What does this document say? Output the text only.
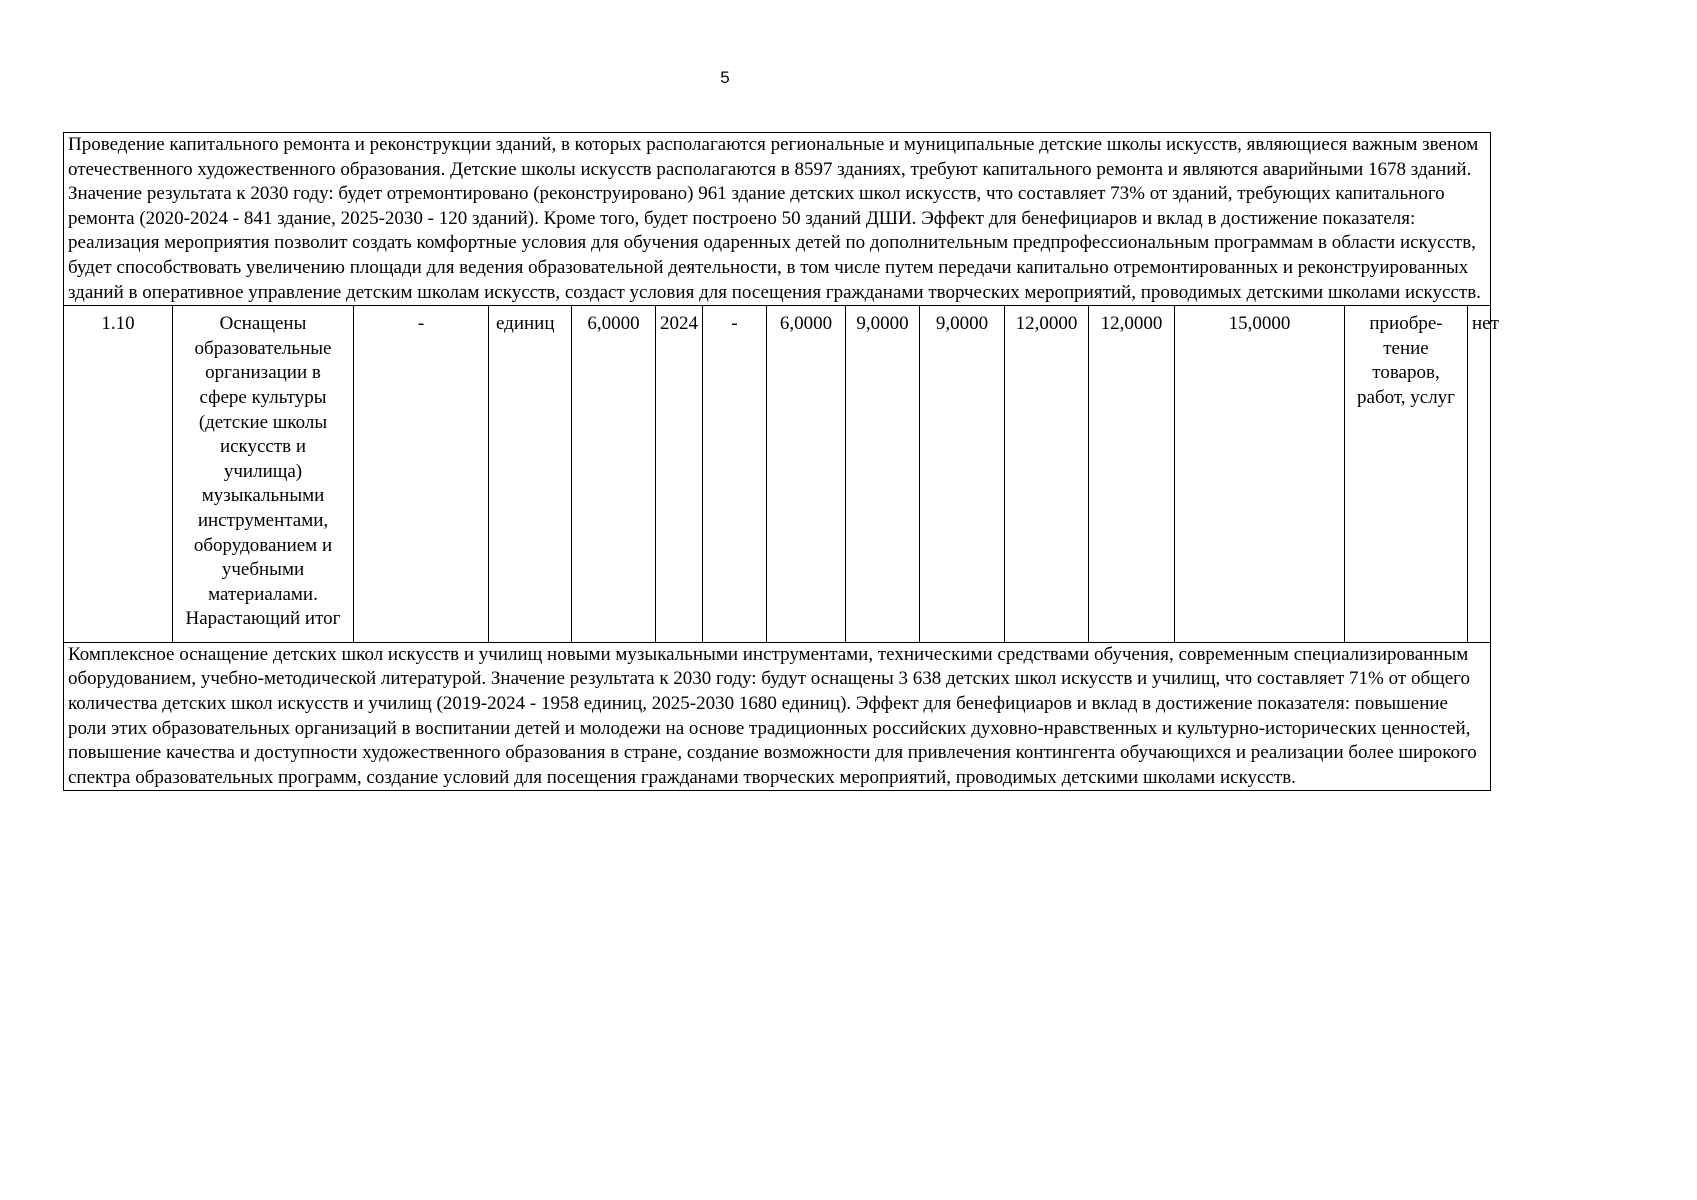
5
Проведение капитального ремонта и реконструкции зданий, в которых располагаются региональные и муниципальные детские школы искусств, являющиеся важным звеном отечественного художественного образования. Детские школы искусств располагаются в 8597 зданиях, требуют капитального ремонта и являются аварийными 1678 зданий. Значение результата к 2030 году: будет отремонтировано (реконструировано) 961 здание детских школ искусств, что составляет 73% от зданий, требующих капитального ремонта (2020-2024 - 841 здание, 2025-2030 - 120 зданий). Кроме того, будет построено 50 зданий ДШИ. Эффект для бенефициаров и вклад в достижение показателя: реализация мероприятия позволит создать комфортные условия для обучения одаренных детей по дополнительным предпрофессиональным программам в области искусств, будет способствовать увеличению площади для ведения образовательной деятельности, в том числе путем передачи капитально отремонтированных и реконструированных зданий в оперативное управление детским школам искусств, создаст условия для посещения гражданами творческих мероприятий, проводимых детскими школами искусств.
1.10	Оснащены образовательные организации в сфере культуры (детские школы искусств и училища) музыкальными инструментами, оборудованием и учебными материалами. Нарастающий итог	-	единиц	6,0000	2024	-	6,0000	9,0000	9,0000	12,0000	12,0000	15,0000	приобре-тение товаров, работ, услуг	нет
Комплексное оснащение детских школ искусств и училищ новыми музыкальными инструментами, техническими средствами обучения, современным специализированным оборудованием, учебно-методической литературой. Значение результата к 2030 году: будут оснащены 3 638 детских школ искусств и училищ, что составляет 71% от общего количества детских школ искусств и училищ (2019-2024 - 1958 единиц, 2025-2030 1680 единиц). Эффект для бенефициаров и вклад в достижение показателя: повышение роли этих образовательных организаций в воспитании детей и молодежи на основе традиционных российских духовно-нравственных и культурно-исторических ценностей, повышение качества и доступности художественного образования в стране, создание возможности для привлечения контингента обучающихся и реализации более широкого спектра образовательных программ, создание условий для посещения гражданами творческих мероприятий, проводимых детскими школами искусств.
